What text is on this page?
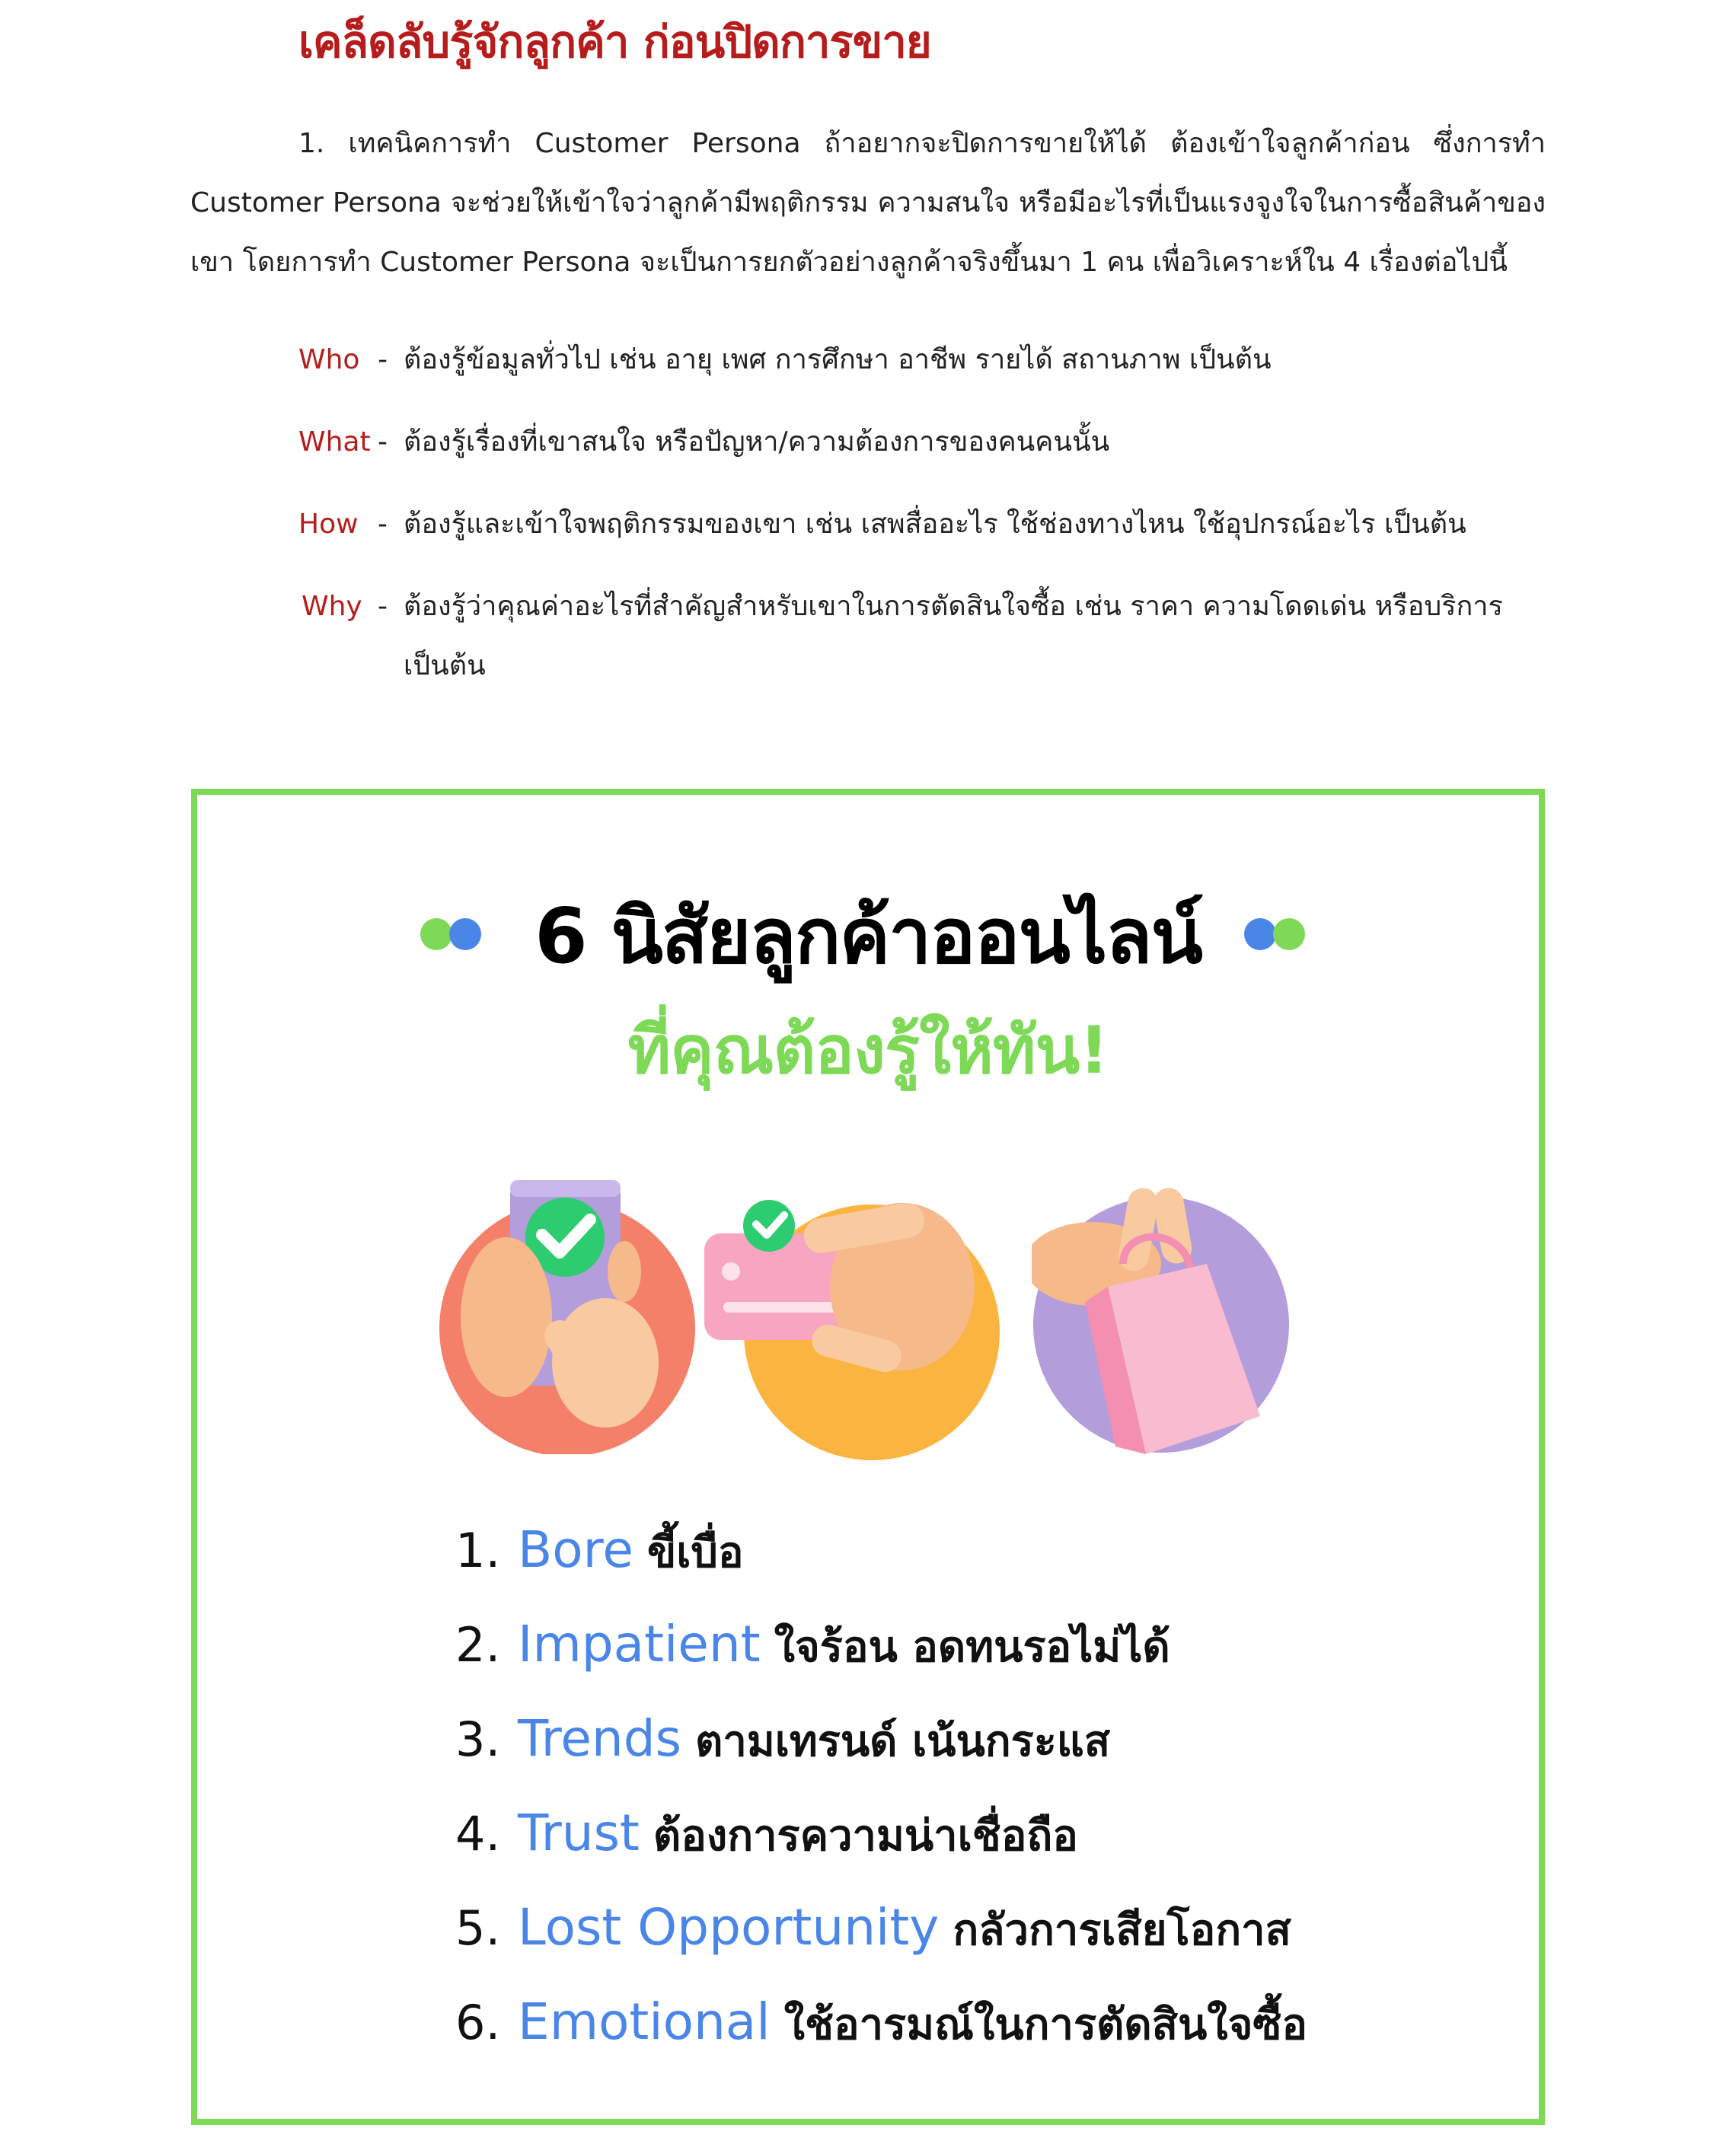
เคล็ดลับรู้จักลูกค้า ก่อนปิดการขาย
1. เทคนิคการทำ Customer Persona ถ้าอยากจะปิดการขายให้ได้ ต้องเข้าใจลูกค้าก่อน ซึ่งการทำ Customer Persona จะช่วยให้เข้าใจว่าลูกค้ามีพฤติกรรม ความสนใจ หรือมีอะไรที่เป็นแรงจูงใจในการซื้อสินค้าของเขา โดยการทำ Customer Persona จะเป็นการยกตัวอย่างลูกค้าจริงขึ้นมา 1 คน เพื่อวิเคราะห์ใน 4 เรื่องต่อไปนี้
Who - ต้องรู้ข้อมูลทั่วไป เช่น อายุ เพศ การศึกษา อาชีพ รายได้ สถานภาพ เป็นต้น
What - ต้องรู้เรื่องที่เขาสนใจ หรือปัญหา/ความต้องการของคนคนนั้น
How - ต้องรู้และเข้าใจพฤติกรรมของเขา เช่น เสพสื่ออะไร ใช้ช่องทางไหน ใช้อุปกรณ์อะไร เป็นต้น
Why - ต้องรู้ว่าคุณค่าอะไรที่สำคัญสำหรับเขาในการตัดสินใจซื้อ เช่น ราคา ความโดดเด่น หรือบริการ เป็นต้น
6 นิสัยลูกค้าออนไลน์
ที่คุณต้องรู้ให้ทัน!
1. Bore ขี้เบื่อ
2. Impatient ใจร้อน อดทนรอไม่ได้
3. Trends ตามเทรนด์ เน้นกระแส
4. Trust ต้องการความน่าเชื่อถือ
5. Lost Opportunity กลัวการเสียโอกาส
6. Emotional ใช้อารมณ์ในการตัดสินใจซื้อ
